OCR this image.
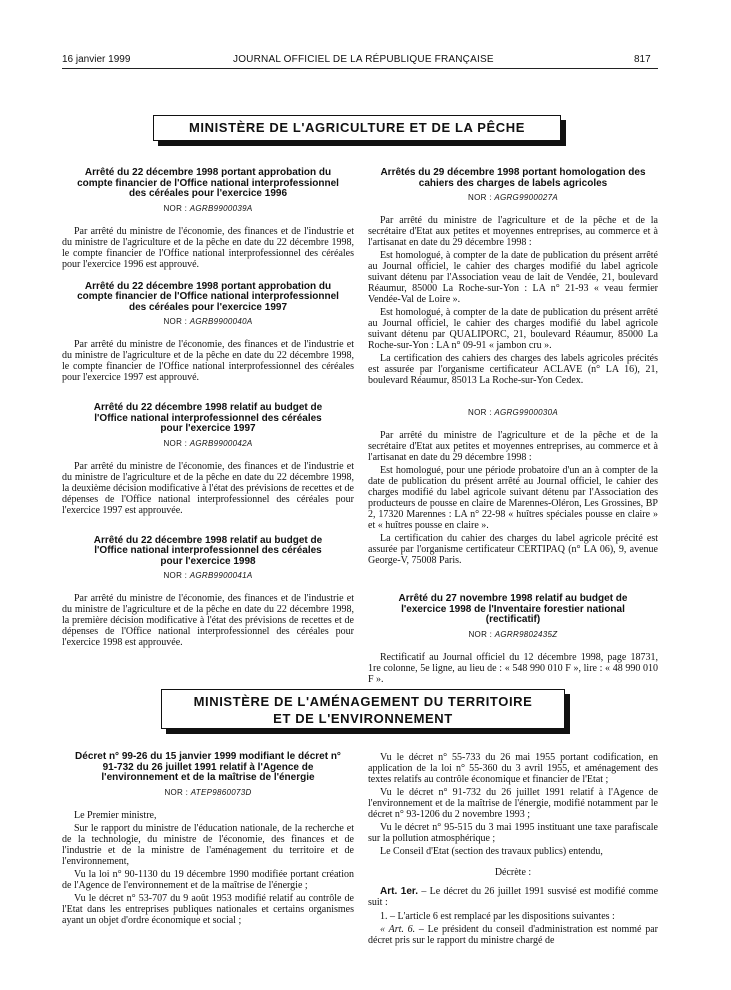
16 janvier 1999	JOURNAL OFFICIEL DE LA RÉPUBLIQUE FRANÇAISE	817
MINISTÈRE DE L'AGRICULTURE ET DE LA PÊCHE
Arrêté du 22 décembre 1998 portant approbation du compte financier de l'Office national interprofessionnel des céréales pour l'exercice 1996
NOR : AGRB9900039A

Par arrêté du ministre de l'économie, des finances et de l'industrie et du ministre de l'agriculture et de la pêche en date du 22 décembre 1998, le compte financier de l'Office national interprofessionnel des céréales pour l'exercice 1996 est approuvé.

Arrêté du 22 décembre 1998 portant approbation du compte financier de l'Office national interprofessionnel des céréales pour l'exercice 1997
NOR : AGRB9900040A

Par arrêté du ministre de l'économie, des finances et de l'industrie et du ministre de l'agriculture et de la pêche en date du 22 décembre 1998, le compte financier de l'Office national interprofessionnel des céréales pour l'exercice 1997 est approuvé.

Arrêté du 22 décembre 1998 relatif au budget de l'Office national interprofessionnel des céréales pour l'exercice 1997
NOR : AGRB9900042A

Par arrêté du ministre de l'économie, des finances et de l'industrie et du ministre de l'agriculture et de la pêche en date du 22 décembre 1998, la deuxième décision modificative à l'état des prévisions de recettes et de dépenses de l'Office national interprofessionnel des céréales pour l'exercice 1997 est approuvée.

Arrêté du 22 décembre 1998 relatif au budget de l'Office national interprofessionnel des céréales pour l'exercice 1998
NOR : AGRB9900041A

Par arrêté du ministre de l'économie, des finances et de l'industrie et du ministre de l'agriculture et de la pêche en date du 22 décembre 1998, la première décision modificative à l'état des prévisions de recettes et de dépenses de l'Office national interprofessionnel des céréales pour l'exercice 1998 est approuvée.

Arrêtés du 29 décembre 1998 portant homologation des cahiers des charges de labels agricoles
NOR : AGRG9900027A

Par arrêté du ministre de l'agriculture et de la pêche et de la secrétaire d'Etat aux petites et moyennes entreprises, au commerce et à l'artisanat en date du 29 décembre 1998 :

Est homologué, à compter de la date de publication du présent arrêté au Journal officiel, le cahier des charges modifié du label agricole suivant détenu par l'Association veau de lait de Vendée, 21, boulevard Réaumur, 85000 La Roche-sur-Yon : LA n° 21-93 « veau fermier Vendée-Val de Loire ».

Est homologué, à compter de la date de publication du présent arrêté au Journal officiel, le cahier des charges modifié du label agricole suivant détenu par QUALIPORC, 21, boulevard Réaumur, 85000 La Roche-sur-Yon : LA n° 09-91 « jambon cru ».

La certification des cahiers des charges des labels agricoles précités est assurée par l'organisme certificateur ACLAVE (n° LA 16), 21, boulevard Réaumur, 85013 La Roche-sur-Yon Cedex.

NOR : AGRG9900030A

Par arrêté du ministre de l'agriculture et de la pêche et de la secrétaire d'Etat aux petites et moyennes entreprises, au commerce et à l'artisanat en date du 29 décembre 1998 :

Est homologué, pour une période probatoire d'un an à compter de la date de publication du présent arrêté au Journal officiel, le cahier des charges modifié du label agricole suivant détenu par l'Association des producteurs de pousse en claire de Marennes-Oléron, Les Grossines, BP 2, 17320 Marennes : LA n° 22-98 « huîtres spéciales pousse en claire » et « huîtres pousse en claire ».

La certification du cahier des charges du label agricole précité est assurée par l'organisme certificateur CERTIPAQ (n° LA 06), 9, avenue George-V, 75008 Paris.

Arrêté du 27 novembre 1998 relatif au budget de l'exercice 1998 de l'Inventaire forestier national (rectificatif)
NOR : AGRR9802435Z

Rectificatif au Journal officiel du 12 décembre 1998, page 18731, 1re colonne, 5e ligne, au lieu de : « 548 990 010 F », lire : « 48 990 010 F ».

MINISTÈRE DE L'AMÉNAGEMENT DU TERRITOIRE
ET DE L'ENVIRONNEMENT
Décret n° 99-26 du 15 janvier 1999 modifiant le décret n° 91-732 du 26 juillet 1991 relatif à l'Agence de l'environnement et de la maîtrise de l'énergie
NOR : ATEP9860073D

Le Premier ministre,

Sur le rapport du ministre de l'éducation nationale, de la recherche et de la technologie, du ministre de l'économie, des finances et de l'industrie et de la ministre de l'aménagement du territoire et de l'environnement,

Vu la loi n° 90-1130 du 19 décembre 1990 modifiée portant création de l'Agence de l'environnement et de la maîtrise de l'énergie ;

Vu le décret n° 53-707 du 9 août 1953 modifié relatif au contrôle de l'Etat dans les entreprises publiques nationales et certains organismes ayant un objet d'ordre économique et social ;

Vu le décret n° 55-733 du 26 mai 1955 portant codification, en application de la loi n° 55-360 du 3 avril 1955, et aménagement des textes relatifs au contrôle économique et financier de l'Etat ;

Vu le décret n° 91-732 du 26 juillet 1991 relatif à l'Agence de l'environnement et de la maîtrise de l'énergie, modifié notamment par le décret n° 93-1206 du 2 novembre 1993 ;

Vu le décret n° 95-515 du 3 mai 1995 instituant une taxe parafiscale sur la pollution atmosphérique ;

Le Conseil d'Etat (section des travaux publics) entendu,

Décrète :

Art. 1er. – Le décret du 26 juillet 1991 susvisé est modifié comme suit :

1. – L'article 6 est remplacé par les dispositions suivantes :

« Art. 6. – Le président du conseil d'administration est nommé par décret pris sur le rapport du ministre chargé de
